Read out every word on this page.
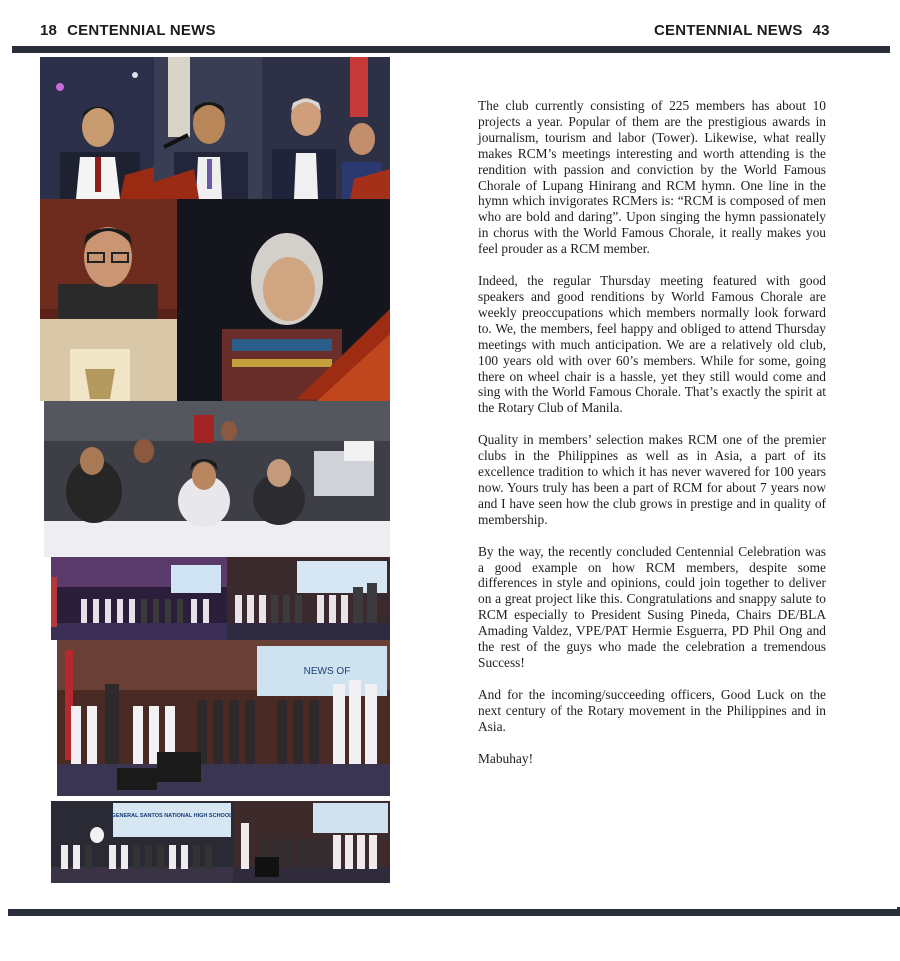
18 CENTENNIAL NEWS	CENTENNIAL NEWS 43
NEWS OF
GENERAL SANTOS NATIONAL HIGH SCHOOL

The club currently consisting of 225 members has about 10 projects a year. Popular of them are the prestigious awards in journalism, tourism and labor (Tower). Likewise, what really makes RCM’s meetings interesting and worth attending is the rendition with passion and conviction by the World Famous Chorale of Lupang Hinirang and RCM hymn. One line in the hymn which invigorates RCMers is: “RCM is composed of men who are bold and daring”. Upon singing the hymn passionately in chorus with the World Famous Chorale, it really makes you feel prouder as a RCM member.

Indeed, the regular Thursday meeting featured with good speakers and good renditions by World Famous Chorale are weekly preoccupations which members normally look forward to. We, the members, feel happy and obliged to attend Thursday meetings with much anticipation. We are a relatively old club, 100 years old with over 60’s members. While for some, going there on wheel chair is a hassle, yet they still would come and sing with the World Famous Chorale. That’s exactly the spirit at the Rotary Club of Manila.

Quality in members’ selection makes RCM one of the premier clubs in the Philippines as well as in Asia, a part of its excellence tradition to which it has never wavered for 100 years now. Yours truly has been a part of RCM for about 7 years now and I have seen how the club grows in prestige and in quality of membership.

By the way, the recently concluded Centennial Celebration was a good example on how RCM members, despite some differences in style and opinions, could join together to deliver on a great project like this. Congratulations and snappy salute to RCM especially to President Susing Pineda, Chairs DE/BLA Amading Valdez, VPE/PAT Hermie Esguerra, PD Phil Ong and the rest of the guys who made the celebration a tremendous Success!

And for the incoming/succeeding officers, Good Luck on the next century of the Rotary movement in the Philippines and in Asia.

Mabuhay!
